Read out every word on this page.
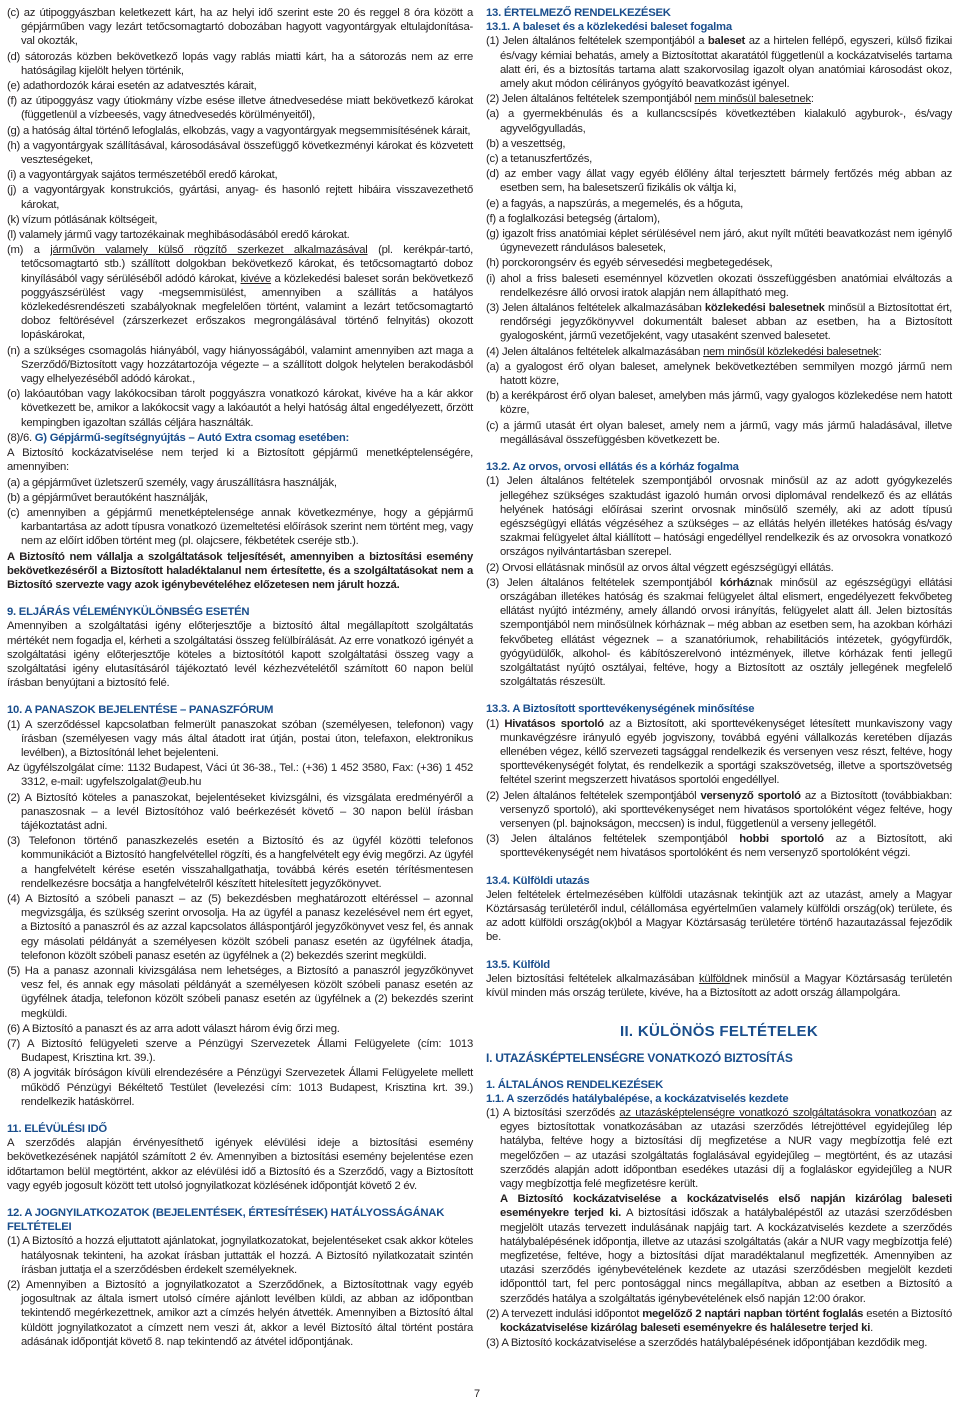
(c) az útipoggyászban keletkezett kárt, ha az helyi idő szerint este 20 és reggel 8 óra között a gépjárműben vagy lezárt tetőcsomagtartó dobozában hagyott vagyontárgyak eltulajdonítása-val okozták,

(d) sátorozás közben bekövetkező lopás vagy rablás miatti kárt, ha a sátorozás nem az erre hatóságilag kijelölt helyen történik,

(e) adathordozók kárai esetén az adatvesztés kárait,

(f) az útipoggyász vagy útiokmány vízbe esése illetve átnedvesedése miatt bekövetkező károkat (függetlenül a vízbeesés, vagy átnedvesedés körülményeitől),

(g) a hatóság által történő lefoglalás, elkobzás, vagy a vagyontárgyak megsemmisítésének kárait,

(h) a vagyontárgyak szállításával, károsodásával összefüggő következményi károkat és közvetett veszteségeket,

(i) a vagyontárgyak sajátos természetéből eredő károkat,

(j) a vagyontárgyak konstrukciós, gyártási, anyag- és hasonló rejtett hibáira visszavezethető károkat,

(k) vízum pótlásának költségeit,

(l) valamely jármű vagy tartozékainak meghibásodásából eredő károkat.

(m) a járművön valamely külső rögzítő szerkezet alkalmazásával (pl. kerékpár-tartó, tetőcsomagtartó stb.) szállított dolgokban bekövetkező károkat, és tetőcsomagtartó doboz kinyílásából vagy sérüléséből adódó károkat, kivéve a közlekedési baleset során bekövetkező poggyászsérülést vagy -megsemmisülést, amennyiben a szállítás a hatályos közlekedésrendészeti szabályoknak megfelelően történt, valamint a lezárt tetőcsomagtartó doboz feltörésével (zárszerkezet erőszakos megrongálásával történő felnyitás) okozott lopáskárokat,

(n) a szükséges csomagolás hiányából, vagy hiányosságából, valamint amennyiben azt maga a Szerződő/Biztosított vagy hozzátartozója végezte – a szállított dolgok helytelen berakodásból vagy elhelyezéséből adódó károkat.,

(o) lakóautóban vagy lakókocsiban tárolt poggyászra vonatkozó károkat, kivéve ha a kár akkor következett be, amikor a lakókocsit vagy a lakóautót a helyi hatóság által engedélyezett, őrzött kempingben igazoltan szállás céljára használták.

(8)/6. G) Gépjármű-segítségnyújtás – Autó Extra csomag esetében:

A Biztosító kockázatviselése nem terjed ki a Biztosított gépjármű menetképtelenségére, amennyiben:

(a) a gépjárművet üzletszerű személy, vagy áruszállításra használják,

(b) a gépjárművet berautóként használják,

(c) amennyiben a gépjármű menetképtelensége annak következménye, hogy a gépjármű karbantartása az adott típusra vonatkozó üzemeltetési előírások szerint nem történt meg, vagy nem az előírt időben történt meg (pl. olajcsere, fékbetétek cseréje stb.).

A Biztosító nem vállalja a szolgáltatások teljesítését, amennyiben a biztosítási esemény bekövetkezéséről a Biztosított haladéktalanul nem értesítette, és a szolgáltatásokat nem a Biztosító szervezte vagy azok igénybevételéhez előzetesen nem járult hozzá.

9. ELJÁRÁS VÉLEMÉNYKÜLÖNBSÉG ESETÉN

Amennyiben a szolgáltatási igény előterjesztője a biztosító által megállapított szolgáltatás mértékét nem fogadja el, kérheti a szolgáltatási összeg felülbírálását. Az erre vonatkozó igényét a szolgáltatási igény előterjesztője köteles a biztosítótól kapott szolgáltatási összeg vagy a szolgáltatási igény elutasításáról tájékoztató levél kézhezvételétől számított 60 napon belül írásban benyújtani a biztosító felé.

10. A PANASZOK BEJELENTÉSE – PANASZFÓRUM

(1) A szerződéssel kapcsolatban felmerült panaszokat szóban (személyesen, telefonon) vagy írásban (személyesen vagy más által átadott irat útján, postai úton, telefaxon, elektronikus levélben), a Biztosítónál lehet bejelenteni.

Az ügyfélszolgálat címe: 1132 Budapest, Váci út 36-38., Tel.: (+36) 1 452 3580, Fax: (+36) 1 452 3312, e-mail: ugyfelszolgalat@eub.hu

(2) A Biztosító köteles a panaszokat, bejelentéseket kivizsgálni, és vizsgálata eredményéről a panaszosnak – a levél Biztosítóhoz való beérkezését követő – 30 napon belül írásban tájékoztatást adni.

(3) Telefonon történő panaszkezelés esetén a Biztosító és az ügyfél közötti telefonos kommunikációt a Biztosító hangfelvétellel rögzíti, és a hangfelvételt egy évig megőrzi. Az ügyfél a hangfelvételt kérése esetén visszahallgathatja, továbbá kérés esetén térítésmentesen rendelkezésre bocsátja a hangfelvételről készített hitelesített jegyzőkönyvet.

(4) A Biztosító a szóbeli panaszt – az (5) bekezdésben meghatározott eltéréssel – azonnal megvizsgálja, és szükség szerint orvosolja. Ha az ügyfél a panasz kezelésével nem ért egyet, a Biztosító a panaszról és az azzal kapcsolatos álláspontjáról jegyzőkönyvet vesz fel, és annak egy másolati példányát a személyesen közölt szóbeli panasz esetén az ügyfélnek átadja, telefonon közölt szóbeli panasz esetén az ügyfélnek a (2) bekezdés szerint megküldi.

(5) Ha a panasz azonnali kivizsgálása nem lehetséges, a Biztosító a panaszról jegyzőkönyvet vesz fel, és annak egy másolati példányát a személyesen közölt szóbeli panasz esetén az ügyfélnek átadja, telefonon közölt szóbeli panasz esetén az ügyfélnek a (2) bekezdés szerint megküldi.

(6) A Biztosító a panaszt és az arra adott választ három évig őrzi meg.

(7) A Biztosító felügyeleti szerve a Pénzügyi Szervezetek Állami Felügyelete (cím: 1013 Budapest, Krisztina krt. 39.).

(8) A jogviták bíróságon kívüli elrendezésére a Pénzügyi Szervezetek Állami Felügyelete mellett működő Pénzügyi Békéltető Testület (levelezési cím: 1013 Budapest, Krisztina krt. 39.) rendelkezik hatáskörrel.

11. ELÉVÜLÉSI IDŐ

A szerződés alapján érvényesíthető igények elévülési ideje a biztosítási esemény bekövetkezésének napjától számított 2 év. Amennyiben a biztosítási esemény bejelentése ezen időtartamon belül megtörtént, akkor az elévülési idő a Biztosító és a Szerződő, vagy a Biztosított vagy egyéb jogosult között tett utolsó jognyilatkozat közlésének időpontját követő 2 év.

12. A JOGNYILATKOZATOK (BEJELENTÉSEK, ÉRTESÍTÉSEK) HATÁLYOSSÁGÁNAK FELTÉTELEI

(1) A Biztosító a hozzá eljuttatott ajánlatokat, jognyilatkozatokat, bejelentéseket csak akkor köteles hatályosnak tekinteni, ha azokat írásban juttatták el hozzá. A Biztosító nyilatkozatait szintén írásban juttatja el a szerződésben érdekelt személyeknek.

(2) Amennyiben a Biztosító a jognyilatkozatot a Szerződőnek, a Biztosítottnak vagy egyéb jogosultnak az általa ismert utolsó címére ajánlott levélben küldi, az abban az időpontban tekintendő megérkezettnek, amikor azt a címzés helyén átvették. Amennyiben a Biztosító által küldött jognyilatkozatot a címzett nem veszi át, akkor a levél Biztosító által történt postára adásának időpontját követő 8. nap tekintendő az átvétel időpontjának.

13. ÉRTELMEZŐ RENDELKEZÉSEK

13.1. A baleset és a közlekedési baleset fogalma

(1) Jelen általános feltételek szempontjából a baleset az a hirtelen fellépő, egyszeri, külső fizikai és/vagy kémiai behatás, amely a Biztosítottat akaratától függetlenül a kockázatviselés tartama alatt éri, és a biztosítás tartama alatt szakorvosilag igazolt olyan anatómiai károsodást okoz, amely akut módon célirányos gyógyító beavatkozást igényel.

(2) Jelen általános feltételek szempontjából nem minősül balesetnek:

(a) a gyermekbénulás és a kullancscsípés következtében kialakuló agyburok-, és/vagy agyvelőgyulladás,

(b) a veszettség,

(c) a tetanuszfertőzés,

(d) az ember vagy állat vagy egyéb élőlény által terjesztett bármely fertőzés még abban az esetben sem, ha balesetszerű fizikális ok váltja ki,

(e) a fagyás, a napszúrás, a megemelés, és a hőguta,

(f) a foglalkozási betegség (ártalom),

(g) igazolt friss anatómiai képlet sérülésével nem járó, akut nyílt műtéti beavatkozást nem igénylő úgynevezett rándulásos balesetek,

(h) porckorongsérv és egyéb sérvesedési megbetegedések,

(i) ahol a friss baleseti eseménnyel közvetlen okozati összefüggésben anatómiai elváltozás a rendelkezésre álló orvosi iratok alapján nem állapítható meg.

(3) Jelen általános feltételek alkalmazásában közlekedési balesetnek minősül a Biztosítottat ért, rendőrségi jegyzőkönyvvel dokumentált baleset abban az esetben, ha a Biztosított gyalogosként, jármű vezetőjeként, vagy utasaként szenved balesetet.

(4) Jelen általános feltételek alkalmazásában nem minősül közlekedési balesetnek:

(a) a gyalogost érő olyan baleset, amelynek bekövetkeztében semmilyen mozgó jármű nem hatott közre,

(b) a kerékpárost érő olyan baleset, amelyben más jármű, vagy gyalogos közlekedése nem hatott közre,

(c) a jármű utasát ért olyan baleset, amely nem a jármű, vagy más jármű haladásával, illetve megállásával összefüggésben következett be.

13.2. Az orvos, orvosi ellátás és a kórház fogalma

(1) Jelen általános feltételek szempontjából orvosnak minősül az az adott gyógykezelés jellegéhez szükséges szaktudást igazoló humán orvosi diplomával rendelkező és az ellátás helyének hatósági előírásai szerint orvosnak minősülő személy, aki az adott típusú egészségügyi ellátás végzéséhez a szükséges – az ellátás helyén illetékes hatóság és/vagy szakmai felügyelet által kiállított – hatósági engedéllyel rendelkezik és az orvosokra vonatkozó országos nyilvántartásban szerepel.

(2) Orvosi ellátásnak minősül az orvos által végzett egészségügyi ellátás.

(3) Jelen általános feltételek szempontjából kórháznak minősül az egészségügyi ellátási országában illetékes hatóság és szakmai felügyelet által elismert, engedélyezett fekvőbeteg ellátást nyújtó intézmény, amely állandó orvosi irányítás, felügyelet alatt áll. Jelen biztosítás szempontjából nem minősülnek kórháznak – még abban az esetben sem, ha azokban kórházi fekvőbeteg ellátást végeznek – a szanatóriumok, rehabilitációs intézetek, gyógyfürdők, gyógyüdülők, alkohol- és kábítószerelvonó intézmények, illetve kórházak fenti jellegű szolgáltatást nyújtó osztályai, feltéve, hogy a Biztosított az osztály jellegének megfelelő szolgáltatás részesült.

13.3. A Biztosított sporttevékenységének minősítése

(1) Hivatásos sportoló az a Biztosított, aki sporttevékenységet létesített munkaviszony vagy munkavégzésre irányuló egyéb jogviszony, továbbá egyéni vállalkozás keretében díjazás ellenében végez, kéllő szervezeti tagsággal rendelkezik és versenyen vesz részt, feltéve, hogy sporttevékenységét folytat, és rendelkezik a sportági szakszövetség, illetve a sportszövetség feltétel szerint megszerzett hivatásos sportolói engedéllyel.

(2) Jelen általános feltételek szempontjából versenyző sportoló az a Biztosított (továbbiakban: versenyző sportoló), aki sporttevékenységet nem hivatásos sportolóként végez feltéve, hogy versenyen (pl. bajnokságon, meccsen) is indul, függetlenül a verseny jellegétől.

(3) Jelen általános feltételek szempontjából hobbi sportoló az a Biztosított, aki sporttevékenységét nem hivatásos sportolóként és nem versenyző sportolóként végzi.

13.4. Külföldi utazás

Jelen feltételek értelmezésében külföldi utazásnak tekintjük azt az utazást, amely a Magyar Köztársaság területéről indul, célállomása egyértelműen valamely külföldi ország(ok) területe, és az adott külföldi ország(ok)ból a Magyar Köztársaság területére történő hazautazással fejeződik be.

13.5. Külföld

Jelen biztosítási feltételek alkalmazásában külföldnek minősül a Magyar Köztársaság területén kívül minden más ország területe, kivéve, ha a Biztosított az adott ország állampolgára.

II. KÜLÖNÖS FELTÉTELEK

I. UTAZÁSKÉPTELENSÉGRE VONATKOZÓ BIZTOSÍTÁS

1. ÁLTALÁNOS RENDELKEZÉSEK

1.1. A szerződés hatálybalépése, a kockázatviselés kezdete

(1) A biztosítási szerződés az utazásképtelenségre vonatkozó szolgáltatásokra vonatkozóan az egyes biztosítottak vonatkozásában az utazási szerződés létrejöttével egyidejűleg lép hatályba, feltéve hogy a biztosítási díj megfizetése a NUR vagy megbízottja felé ezt megelőzően – az utazási szolgáltatás foglalásával egyidejűleg – megtörtént, és az utazási szerződés alapján adott időpontban esedékes utazási díj a foglaláskor egyidejűleg a NUR vagy megbízottja felé megfizetésre került.

A Biztosító kockázatviselése a kockázatviselés első napján kizárólag baleseti eseményekre terjed ki. A biztosítási időszak a hatálybalépéstől az utazási szerződésben megjelölt utazás tervezett indulásának napjáig tart. A kockázatviselés kezdete a szerződés hatálybalépésének időpontja, illetve az utazási szolgáltatás (akár a NUR vagy megbízottja felé) megfizetése, feltéve, hogy a biztosítási díjat maradéktalanul megfizették. Amennyiben az utazási szerződés igénybevételének kezdete az utazási szerződésben megjelölt kezdeti időponttól tart, fel perc pontosággal nincs megállapítva, abban az esetben a Biztosító a szerződés hatálya a szolgáltatás igénybevételének első napján 12:00 órakor.

(2) A tervezett indulási időpontot megelőző 2 naptári napban történt foglalás esetén a Biztosító kockázatviselése kizárólag baleseti eseményekre és halálesetre terjed ki.

(3) A Biztosító kockázatviselése a szerződés hatálybalépésének időpontjában kezdődik meg.

7
